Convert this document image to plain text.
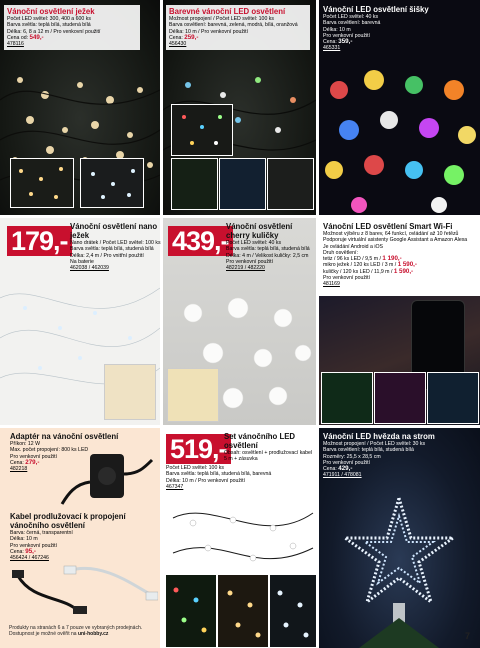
Vánoční osvětlení ježek
Počet LED světel: 300, 400 a 600 ks
Barva světla: teplá bílá, studená bílá
Délka: 6, 8 a 12 m / Pro venkovní použití
Cena od: 549,-
478116
Barevné vánoční LED osvětlení
Možnost propojení / Počet LED světel: 100 ks
Barva osvětlení: barevná, zelená, modrá, bílá, oranžová
Délka: 10 m / Pro venkovní použití
Cena: 259,-
456430
Vánoční LED osvětlení šišky
Počet LED světel: 40 ks
Barva osvětlení: barevná
Délka: 10 m
Pro venkovní použití
Cena: 359,-
465331
179,- Vánoční osvětlení nano ježek
Nano drátek / Počet LED světel: 100 ks
Barva světla: teplá bílá, studená bílá
Délka: 2,4 m / Pro vnitřní použití
Na baterie
462038 / 462039
439,-
Vánoční osvětlení cherry kuličky
Počet LED světel: 40 ks
Barva světla: teplá bílá, studená bílá
Délka: 4 m / Velikost kuličky: 2,5 cm
Pro venkovní použití
482219 / 482220
Vánoční LED osvětlení Smart Wi-Fi
Možnost výběru z 8 barev, 64 funkcí, ovládání až 10 řetězů
Podporuje virtuální asistenty Google Assistant a Amazon Alexa
Je ovládání Android a iOS
Druh osvětlení:
tetiz / 96 ks LED / 9,5 m / 1 190,-
mikro ježek / 120 ks LED / 3 m / 1 590,-
kuličky / 120 ks LED / 11,9 m / 1 590,-
Pro venkovní použití
481169
Adaptér na vánoční osvětlení
Příkon: 12 W
Max. počet propojení: 800 ks LED
Pro venkovní použití
Cena: 279,-
482218
Kabel prodlužovací k propojení vánočního osvětlení
Barva: černá, transparentní
Délka: 10 m
Pro venkovní použití
Cena: 95,-
456424 / 467246
519,-
Set vánočního LED osvětlení
Obsah: osvětlení + prodlužovací kabel
5 m + zásuvka
Počet LED světel: 100 ks
Barva světla: teplá bílá, studená bílá, barevná
Délka: 10 m / Pro venkovní použití
467347
Vánoční LED hvězda na strom
Možnost propojení / Počet LED světel: 30 ks
Barva osvětlení: teplá bílá, studená bílá
Rozměry: 25,5 x 28,5 cm
Pro venkovní použití
Cena: 429,-
471911 / 478081
Produkty na stranách 6 a 7 pouze ve vybraných prodejnách.
Dostupnost je možné ověřit na uni-hobby.cz	7
